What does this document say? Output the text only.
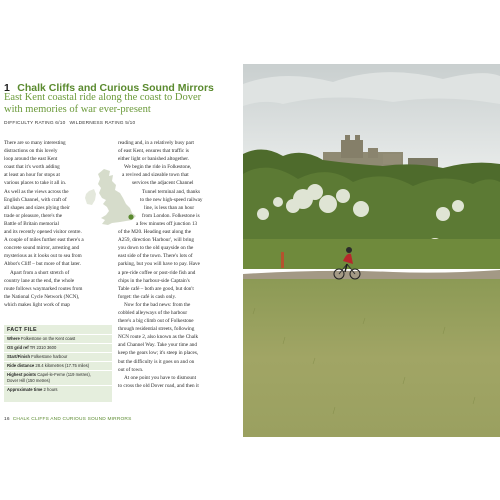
1 Chalk Cliffs and Curious Sound Mirrors
East Kent coastal ride along the coast to Dover
with memories of war ever-present
DIFFICULTY RATING 6/10 WILDERNESS RATING 5/10
There are so many interesting
distractions on this lovely
loop around the east Kent
coast that it's worth adding
at least an hour for stops at
various places to take it all in.
As well as the views across the
English Channel, with craft of
all shapes and sizes plying their
trade or pleasure, there's the
Battle of Britain memorial
and its recently opened visitor centre.
A couple of miles further east there's a
concrete sound mirror, arresting and
mysterious as it looks out to sea from
Abbot's Cliff – but more of that later.
Apart from a short stretch of
country lane at the end, the whole
route follows waymarked routes from
the National Cycle Network (NCN),
which makes light work of map
reading and, in a relatively busy part
of east Kent, ensures that traffic is
either light or banished altogether.
We begin the ride in Folkestone,
a revived and sizeable town that
services the adjacent Channel
Tunnel terminal and, thanks
to the new high-speed railway
line, is less than an hour
from London. Folkestone is
a few minutes off junction 13
of the M20. Heading east along the
A259, direction 'Harbour', will bring
you down to the old quayside on the
east side of the town. There's lots of
parking, but you will have to pay. Have
a pre-ride coffee or post-ride fish and
chips in the harbour-side Captain's
Table café – both are good, but don't
forget: the café is cash only.
Now for the bad news: from the
cobbled alleyways of the harbour
there's a big climb out of Folkestone
through residential streets, following
NCN route 2, also known as the Chalk
and Channel Way. Take your time and
keep the gears low; it's steep in places,
but the difficulty is it goes on and on
out of town.
At one point you have to dismount
to cross the old Dover road, and then it
FACT FILE
Where Folkestone on the Kent coast
OS grid ref TR 2310 3600
Start/Finish Folkestone harbour
Ride distance 28.4 kilometres (17.75 miles)
Highest points Capel-le-Ferne (119 metres),
Dover Hill (150 metres)
Approximate time 2 hours
16 CHALK CLIFFS AND CURIOUS SOUND MIRRORS
